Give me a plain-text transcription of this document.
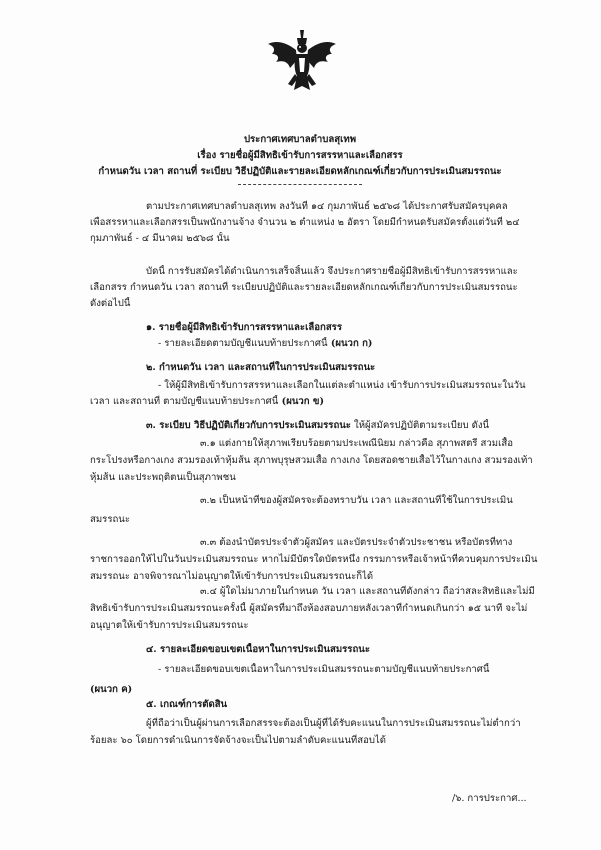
ประกาศเทศบาลตำบลสุเทพ
เรื่อง รายชื่อผู้มีสิทธิเข้ารับการสรรหาและเลือกสรร
กำหนดวัน เวลา สถานที่ ระเบียบ วิธีปฏิบัติและรายละเอียดหลักเกณฑ์เกี่ยวกับการประเมินสมรรถนะ
ตามประกาศเทศบาลตำบลสุเทพ ลงวันที่ ๑๔ กุมภาพันธ์ ๒๕๖๘ ได้ประกาศรับสมัครบุคคล
เพื่อสรรหาและเลือกสรรเป็นพนักงานจ้าง จำนวน ๒ ตำแหน่ง ๒ อัตรา โดยมีกำหนดรับสมัครตั้งแต่วันที่ ๒๔
กุมภาพันธ์ - ๔ มีนาคม ๒๕๖๘ นั้น
บัดนี้ การรับสมัครได้ดำเนินการเสร็จสิ้นแล้ว จึงประกาศรายชื่อผู้มีสิทธิเข้ารับการสรรหาและ
เลือกสรร กำหนดวัน เวลา สถานที่ ระเบียบปฏิบัติและรายละเอียดหลักเกณฑ์เกี่ยวกับการประเมินสมรรถนะ
ดังต่อไปนี้
๑. รายชื่อผู้มีสิทธิเข้ารับการสรรหาและเลือกสรร
- รายละเอียดตามบัญชีแนบท้ายประกาศนี้ (ผนวก ก)
๒. กำหนดวัน เวลา และสถานที่ในการประเมินสมรรถนะ
- ให้ผู้มีสิทธิเข้ารับการสรรหาและเลือกในแต่ละตำแหน่ง เข้ารับการประเมินสมรรถนะในวัน
เวลา และสถานที่ ตามบัญชีแนบท้ายประกาศนี้ (ผนวก ข)
๓. ระเบียบ วิธีปฏิบัติเกี่ยวกับการประเมินสมรรถนะ ให้ผู้สมัครปฏิบัติตามระเบียบ ดังนี้
๓.๑ แต่งกายให้สุภาพเรียบร้อยตามประเพณีนิยม กล่าวคือ สุภาพสตรี สวมเสื้อ
กระโปรงหรือกางเกง สวมรองเท้าหุ้มส้น สุภาพบุรุษสวมเสื้อ กางเกง โดยสอดชายเสื้อไว้ในกางเกง สวมรองเท้า
หุ้มส้น และประพฤติตนเป็นสุภาพชน
๓.๒ เป็นหน้าที่ของผู้สมัครจะต้องทราบวัน เวลา และสถานที่ใช้ในการประเมิน
สมรรถนะ
๓.๓ ต้องนำบัตรประจำตัวผู้สมัคร และบัตรประจำตัวประชาชน หรือบัตรที่ทาง
ราชการออกให้ไปในวันประเมินสมรรถนะ หากไม่มีบัตรใดบัตรหนึ่ง กรรมการหรือเจ้าหน้าที่ควบคุมการประเมิน
สมรรถนะ อาจพิจารณาไม่อนุญาตให้เข้ารับการประเมินสมรรถนะก็ได้
๓.๔ ผู้ใดไม่มาภายในกำหนด วัน เวลา และสถานที่ดังกล่าว ถือว่าสละสิทธิและไม่มี
สิทธิเข้ารับการประเมินสมรรถนะครั้งนี้ ผู้สมัครที่มาถึงห้องสอบภายหลังเวลาที่กำหนดเกินกว่า ๑๕ นาที จะไม่
อนุญาตให้เข้ารับการประเมินสมรรถนะ
๔. รายละเอียดขอบเขตเนื้อหาในการประเมินสมรรถนะ
- รายละเอียดขอบเขตเนื้อหาในการประเมินสมรรถนะตามบัญชีแนบท้ายประกาศนี้
(ผนวก ค)
๕. เกณฑ์การตัดสิน
ผู้ที่ถือว่าเป็นผู้ผ่านการเลือกสรรจะต้องเป็นผู้ที่ได้รับคะแนนในการประเมินสมรรถนะไม่ต่ำกว่า
ร้อยละ ๖๐ โดยการดำเนินการจัดจ้างจะเป็นไปตามลำดับคะแนนที่สอบได้
/๖. การประกาศ...
